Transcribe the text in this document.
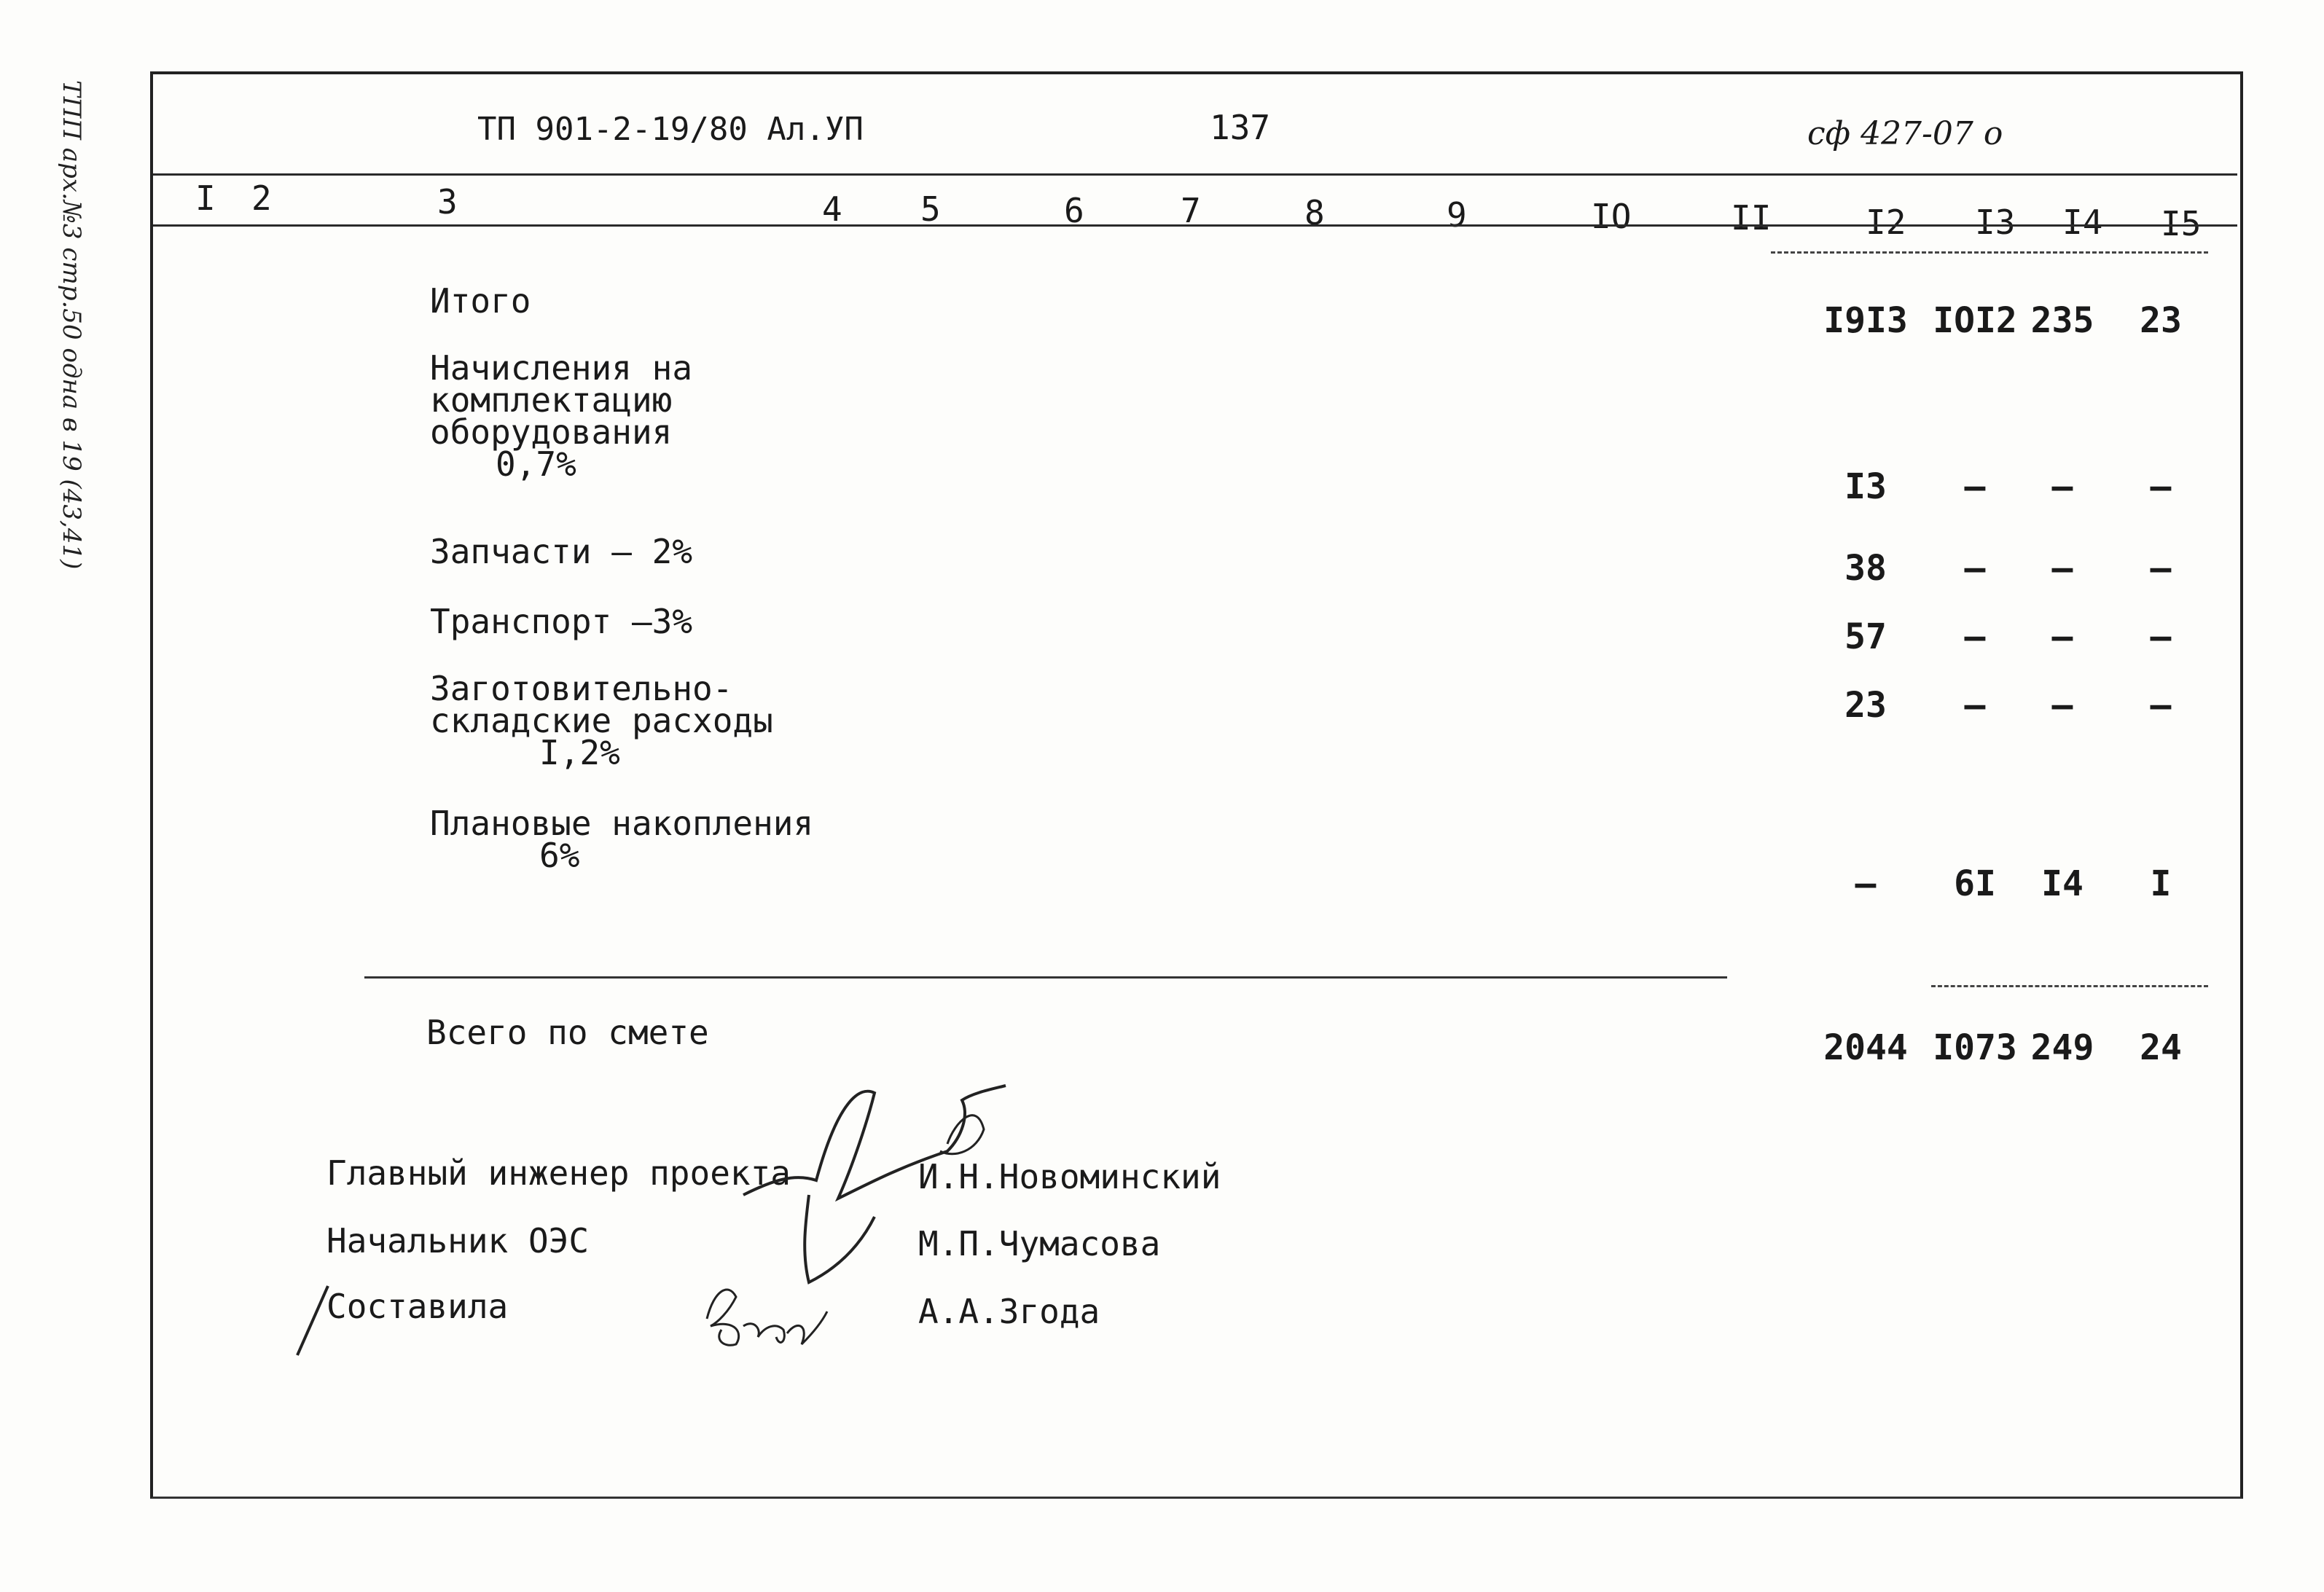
ТПП арх.№3 стр.50 одна в 19 (43,41)	ТП 901-2-19/80 Ал.УП	137	сф 427-07 о
I 2	3	4 5	6	7	8	9	IO	II	I2 I3 I4 I5
Итого	I9I3 IOI2 235	23
Начисления на
комплектацию
оборудования
0,7%
I3	–	–	–
Запчасти – 2%	38	–	–	–
Транспорт –3%	57	–	–	–
Заготовительно-
складские расходы
I,2%
23	–	–	–
Плановые накопления
6%
–	6I	I4	I
Всего по смете	2044 I073 249	24
Главный инженер проекта	И.Н.Новоминский
Начальник ОЭС	М.П.Чумасова
Составила	А.А.Згода
